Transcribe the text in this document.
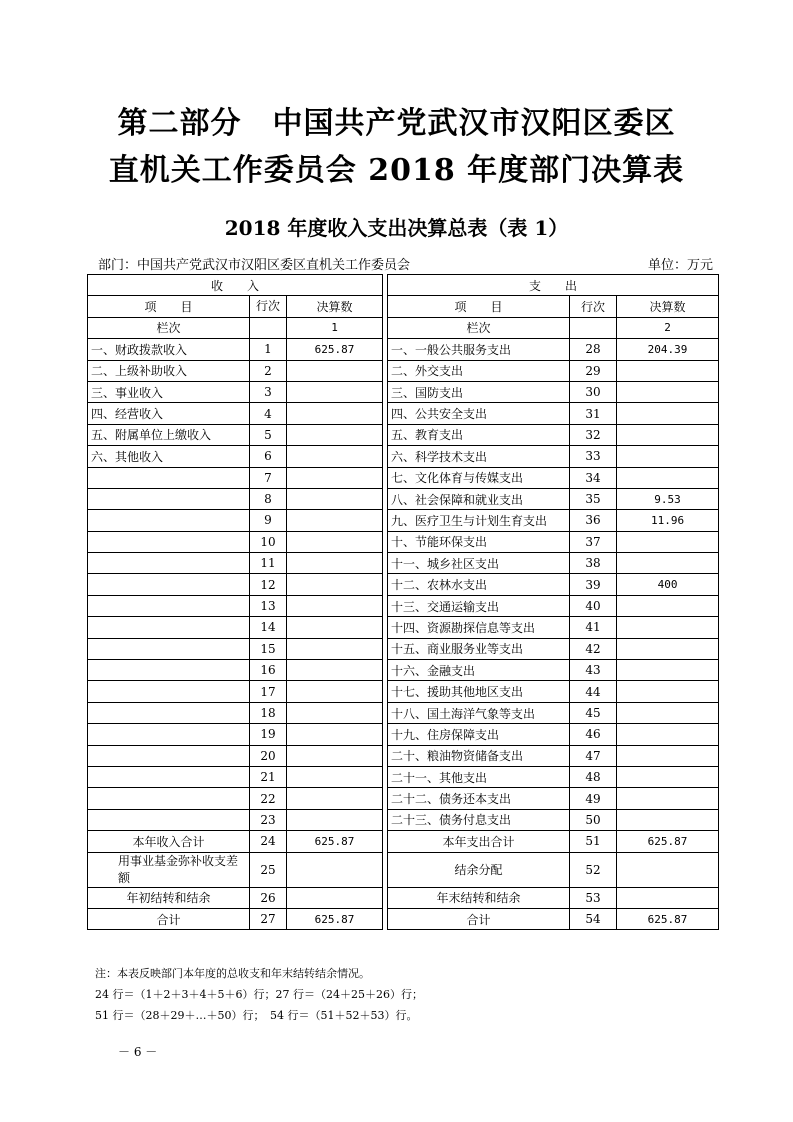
第二部分　中国共产党武汉市汉阳区委区
直机关工作委员会 2018 年度部门决算表
2018 年度收入支出决算总表（表 1）
部门：中国共产党武汉市汉阳区委区直机关工作委员会	单位：万元
收　　入				支　　出		
项　　目	行次	决算数		项　　目	行次	决算数
栏次		1		栏次		2
一、财政拨款收入	1	625.87		一、一般公共服务支出	28	204.39
二、上级补助收入	2			二、外交支出	29	
三、事业收入	3			三、国防支出	30	
四、经营收入	4			四、公共安全支出	31	
五、附属单位上缴收入	5			五、教育支出	32	
六、其他收入	6			六、科学技术支出	33	
	7			七、文化体育与传媒支出	34	
	8			八、社会保障和就业支出	35	9.53
	9			九、医疗卫生与计划生育支出	36	11.96
	10			十、节能环保支出	37	
	11			十一、城乡社区支出	38	
	12			十二、农林水支出	39	400
	13			十三、交通运输支出	40	
	14			十四、资源勘探信息等支出	41	
	15			十五、商业服务业等支出	42	
	16			十六、金融支出	43	
	17			十七、援助其他地区支出	44	
	18			十八、国土海洋气象等支出	45	
	19			十九、住房保障支出	46	
	20			二十、粮油物资储备支出	47	
	21			二十一、其他支出	48	
	22			二十二、债务还本支出	49	
	23			二十三、债务付息支出	50	
本年收入合计	24	625.87		本年支出合计	51	625.87
用事业基金弥补收支差额	25			结余分配	52	
年初结转和结余	26			年末结转和结余	53	
合计	27	625.87		合计	54	625.87
注：本表反映部门本年度的总收支和年末结转结余情况。
24 行＝（1＋2＋3＋4＋5＋6）行；27 行＝（24＋25＋26）行；
51 行＝（28＋29＋…＋50）行；　54 行＝（51＋52＋53）行。
－ 6 －
